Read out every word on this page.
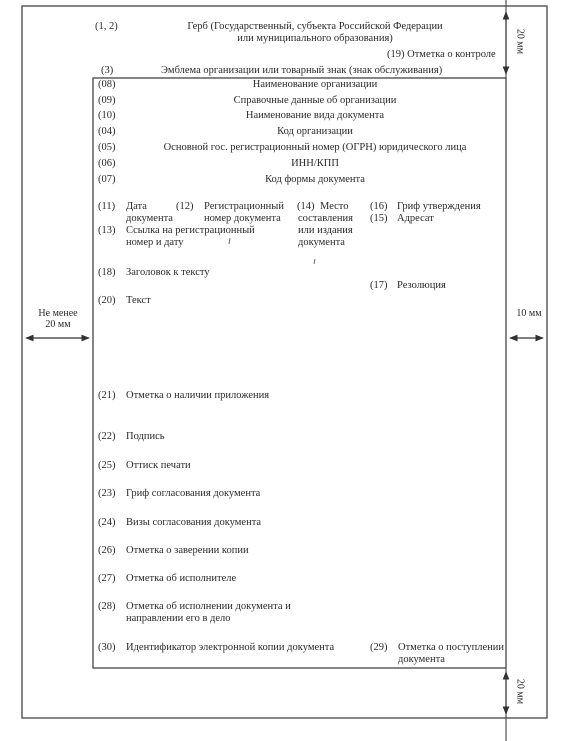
20 мм
20 мм
Не менее
20 мм
10 мм
(1, 2)	Герб (Государственный, субъекта Российской Федерации
или муниципального образования)
(19) Отметка о контроле
(3)	Эмблема организации или товарный знак (знак обслуживания)
(08)	Наименование организации
(09)	Справочные данные об организации
(10)	Наименование вида документа
(04)	Код организации
(05)	Основной гос. регистрационный номер (ОГРН) юридического лица
(06)	ИНН/КПП
(07)	Код формы документа
(11) Дата
документа
(12) Регистрационный
номер документа
(14) Место
составления
или издания
документа
(16) Гриф утверждения
(15) Адресат
(13) Ссылка на регистрационный
номер и дату
(18) Заголовок к тексту
(17) Резолюция
(20) Текст
(21) Отметка о наличии приложения
(22) Подпись
(25) Оттиск печати
(23) Гриф согласования документа
(24) Визы согласования документа
(26) Отметка о заверении копии
(27) Отметка об исполнителе
(28) Отметка об исполнении документа и
направлении его в дело
(30) Идентификатор электронной копии документа	(29) Отметка о поступлении
документа
